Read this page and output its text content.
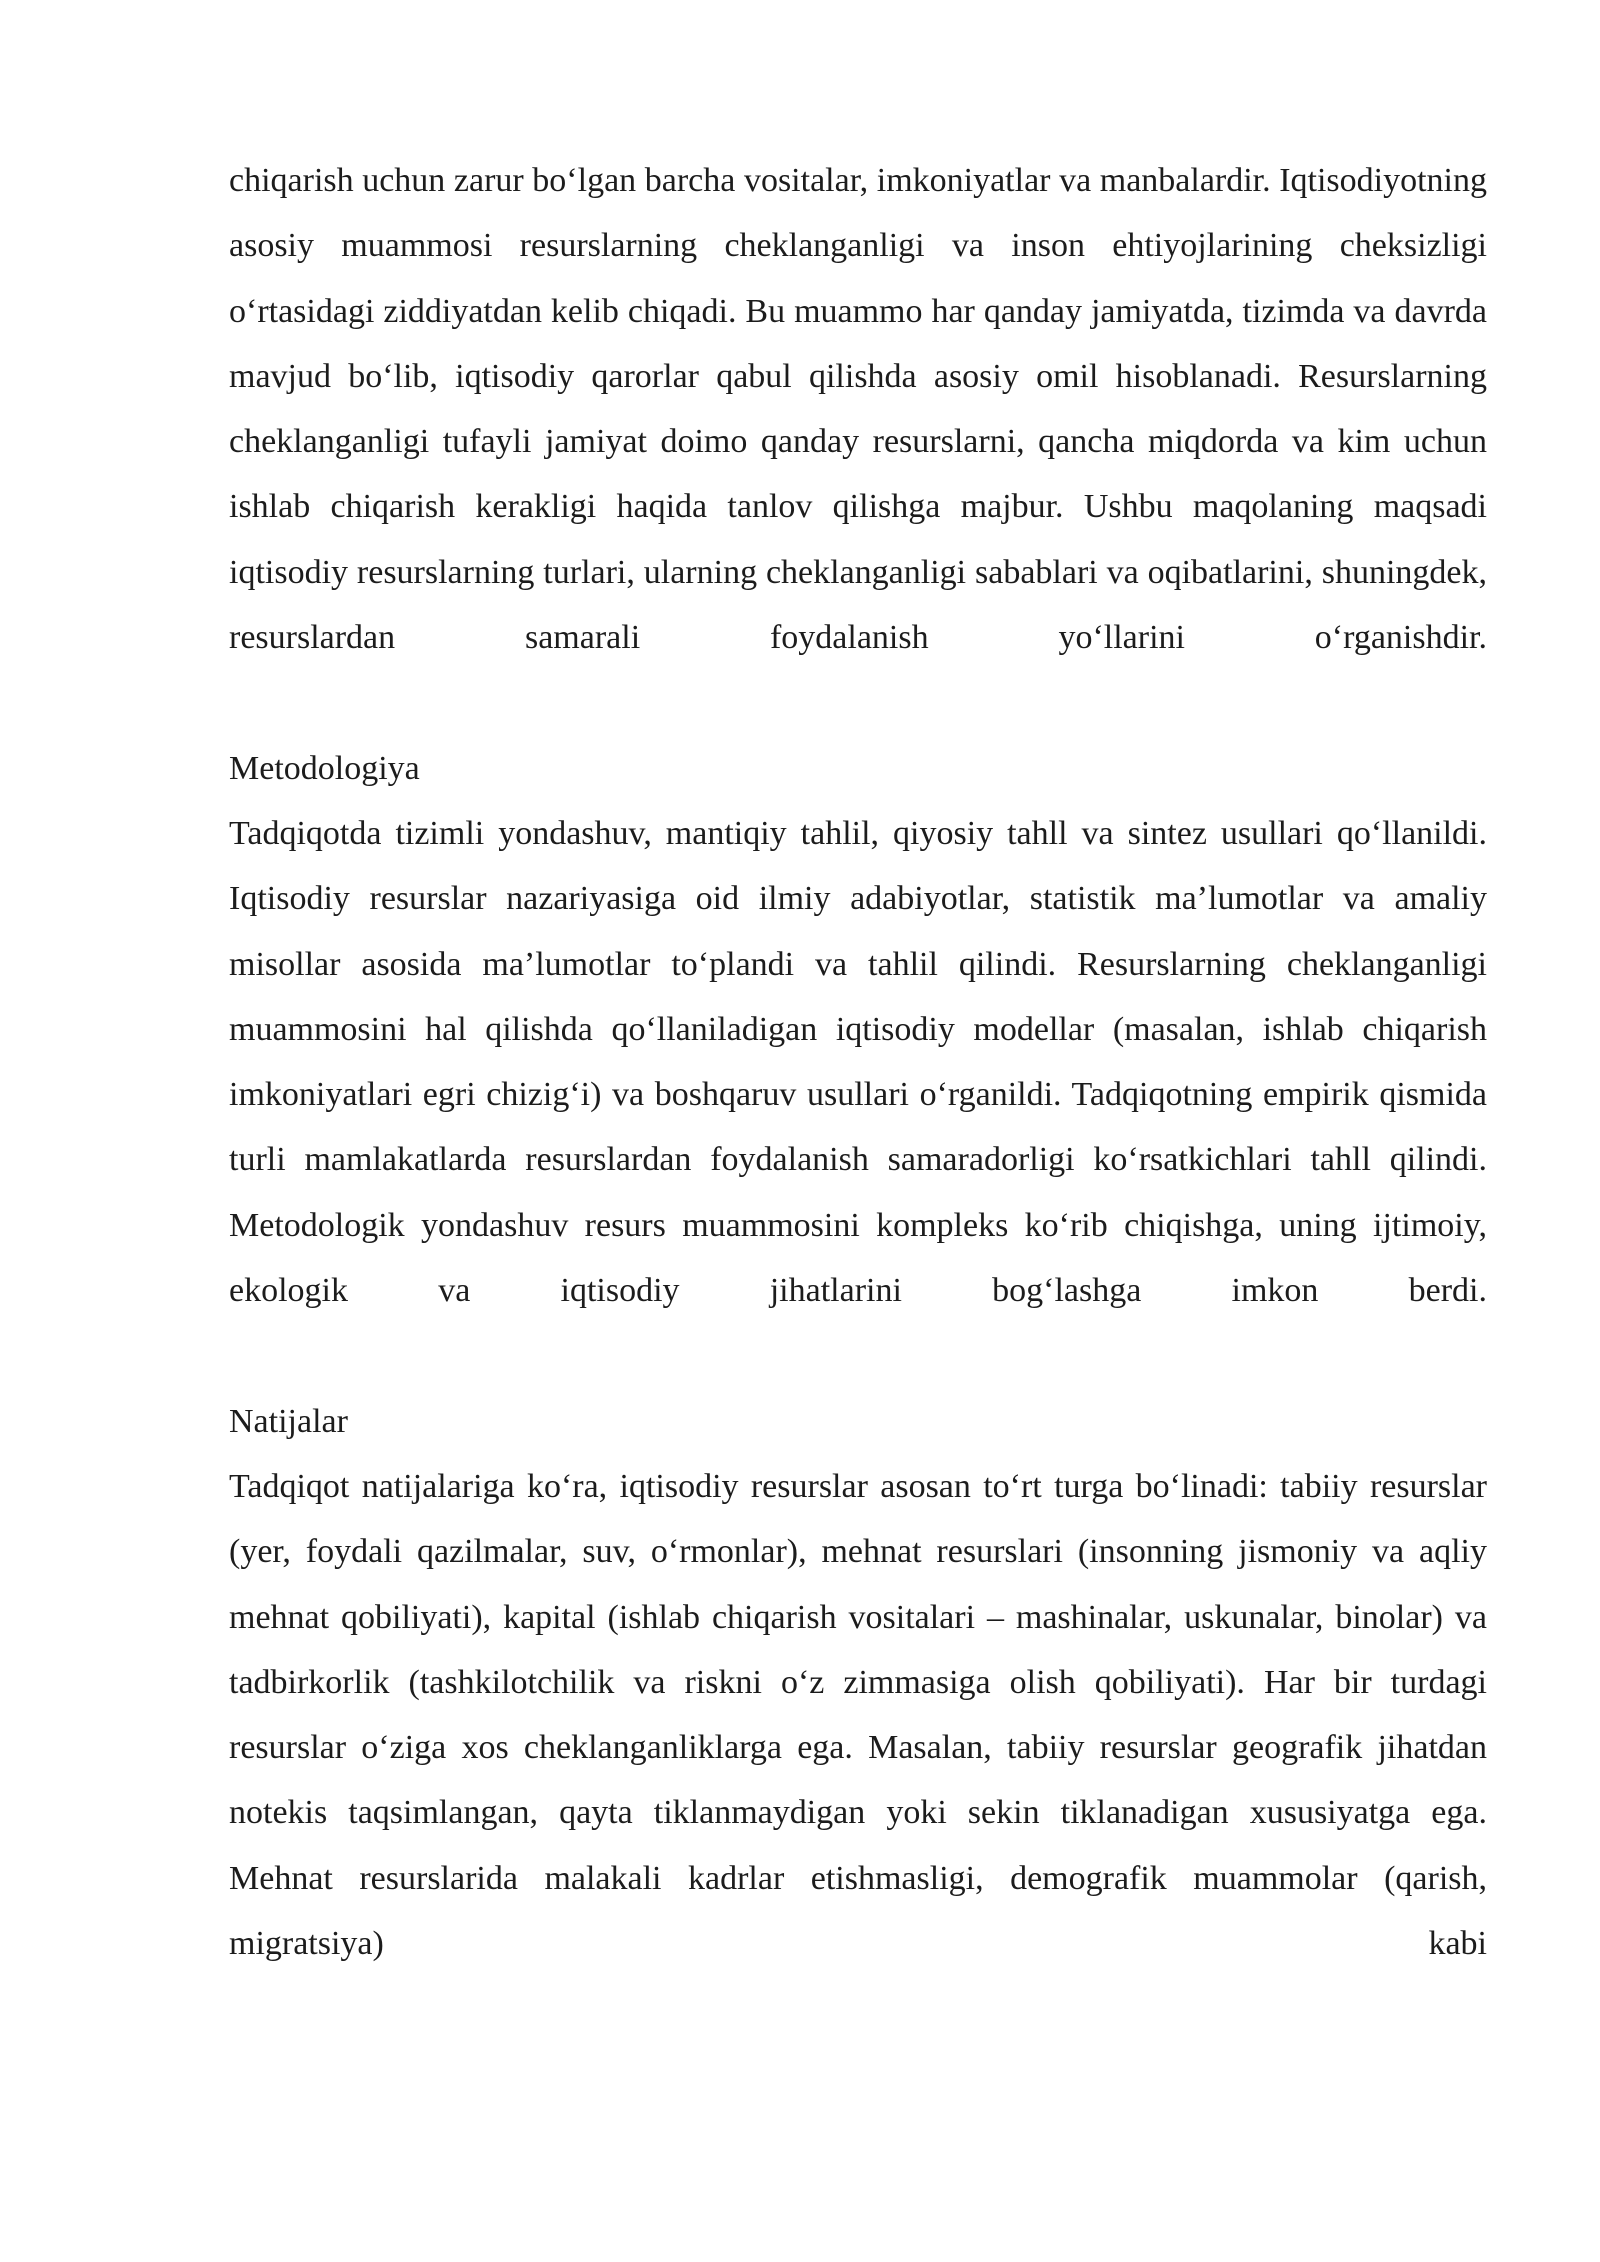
chiqarish uchun zarur bo‘lgan barcha vositalar, imkoniyatlar va manbalardir. Iqtisodiyotning asosiy muammosi resurslarning cheklanganligi va inson ehtiyojlarining cheksizligi o‘rtasidagi ziddiyatdan kelib chiqadi. Bu muammo har qanday jamiyatda, tizimda va davrda mavjud bo‘lib, iqtisodiy qarorlar qabul qilishda asosiy omil hisoblanadi. Resurslarning cheklanganligi tufayli jamiyat doimo qanday resurslarni, qancha miqdorda va kim uchun ishlab chiqarish kerakligi haqida tanlov qilishga majbur. Ushbu maqolaning maqsadi iqtisodiy resurslarning turlari, ularning cheklanganligi sabablari va oqibatlarini, shuningdek, resurslardan samarali foydalanish yo‘llarini o‘rganishdir.

Metodologiya

Tadqiqotda tizimli yondashuv, mantiqiy tahlil, qiyosiy tahll va sintez usullari qo‘llanildi. Iqtisodiy resurslar nazariyasiga oid ilmiy adabiyotlar, statistik ma’lumotlar va amaliy misollar asosida ma’lumotlar to‘plandi va tahlil qilindi. Resurslarning cheklanganligi muammosini hal qilishda qo‘llaniladigan iqtisodiy modellar (masalan, ishlab chiqarish imkoniyatlari egri chizig‘i) va boshqaruv usullari o‘rganildi. Tadqiqotning empirik qismida turli mamlakatlarda resurslardan foydalanish samaradorligi ko‘rsatkichlari tahll qilindi. Metodologik yondashuv resurs muammosini kompleks ko‘rib chiqishga, uning ijtimoiy, ekologik va iqtisodiy jihatlarini bog‘lashga imkon berdi.

Natijalar

Tadqiqot natijalariga ko‘ra, iqtisodiy resurslar asosan to‘rt turga bo‘linadi: tabiiy resurslar (yer, foydali qazilmalar, suv, o‘rmonlar), mehnat resurslari (insonning jismoniy va aqliy mehnat qobiliyati), kapital (ishlab chiqarish vositalari – mashinalar, uskunalar, binolar) va tadbirkorlik (tashkilotchilik va riskni o‘z zimmasiga olish qobiliyati). Har bir turdagi resurslar o‘ziga xos cheklanganliklarga ega. Masalan, tabiiy resurslar geografik jihatdan notekis taqsimlangan, qayta tiklanmaydigan yoki sekin tiklanadigan xususiyatga ega. Mehnat resurslarida malakali kadrlar etishmasligi, demografik muammolar (qarish, migratsiya) kabi
